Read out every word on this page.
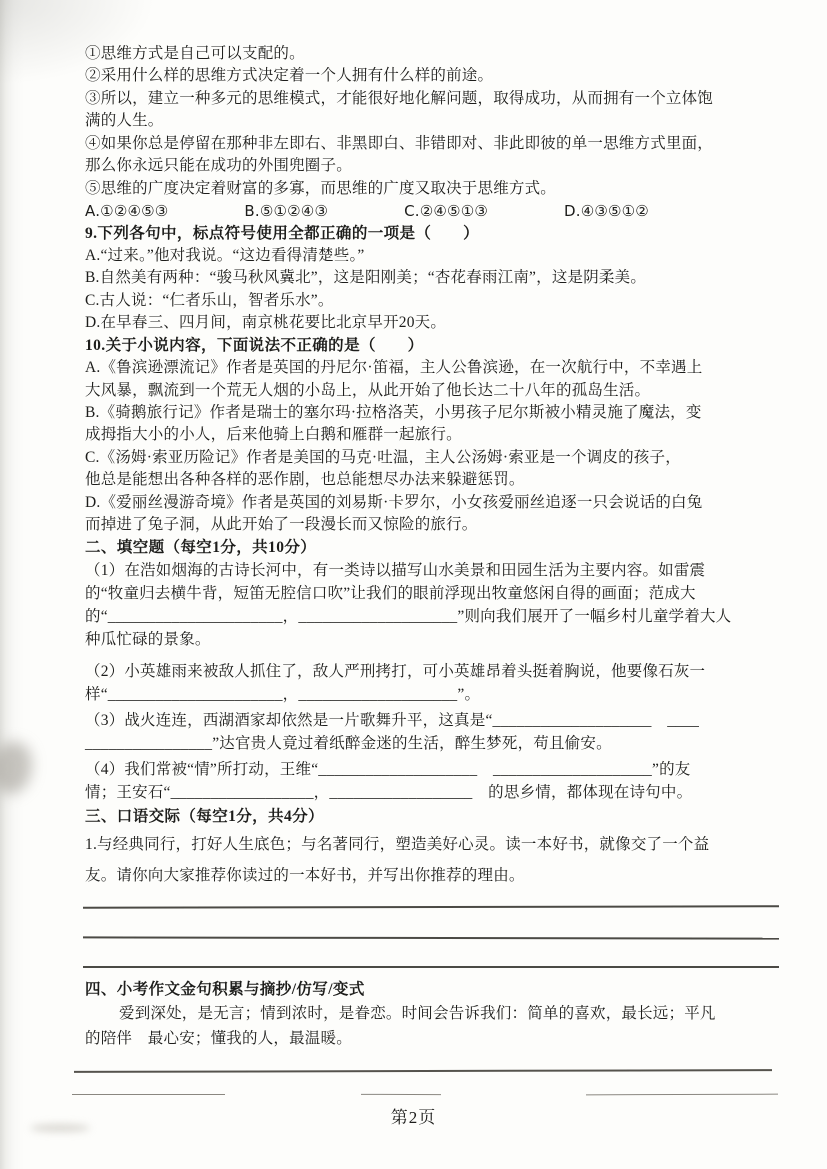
①思维方式是自己可以支配的。
②采用什么样的思维方式决定着一个人拥有什么样的前途。
③所以，建立一种多元的思维模式，才能很好地化解问题，取得成功，从而拥有一个立体饱
满的人生。
④如果你总是停留在那种非左即右、非黑即白、非错即对、非此即彼的单一思维方式里面，
那么你永远只能在成功的外围兜圈子。
⑤思维的广度决定着财富的多寡，而思维的广度又取决于思维方式。
A.①②④⑤③	B.⑤①②④③	C.②④⑤①③	D.④③⑤①②
9.下列各句中，标点符号使用全都正确的一项是（　　）
A.“过来。”他对我说。“这边看得清楚些。”
B.自然美有两种：“骏马秋风冀北”，这是阳刚美；“杏花春雨江南”，这是阴柔美。
C.古人说：“仁者乐山，智者乐水”。
D.在早春三、四月间，南京桃花要比北京早开20天。
10.关于小说内容，下面说法不正确的是（　　）
A.《鲁滨逊漂流记》作者是英国的丹尼尔·笛福，主人公鲁滨逊，在一次航行中，不幸遇上
大风暴，飘流到一个荒无人烟的小岛上，从此开始了他长达二十八年的孤岛生活。
B.《骑鹅旅行记》作者是瑞士的塞尔玛·拉格洛芙，小男孩子尼尔斯被小精灵施了魔法，变
成拇指大小的小人，后来他骑上白鹅和雁群一起旅行。
C.《汤姆·索亚历险记》作者是美国的马克·吐温，主人公汤姆·索亚是一个调皮的孩子，
他总是能想出各种各样的恶作剧，也总能想尽办法来躲避惩罚。
D.《爱丽丝漫游奇境》作者是英国的刘易斯·卡罗尔，小女孩爱丽丝追逐一只会说话的白兔
而掉进了兔子洞，从此开始了一段漫长而又惊险的旅行。
二、填空题（每空1分，共10分）
（1）在浩如烟海的古诗长河中，有一类诗以描写山水美景和田园生活为主要内容。如雷震
的“牧童归去横牛背，短笛无腔信口吹”让我们的眼前浮现出牧童悠闲自得的画面；范成大
的“______________________，____________________”则向我们展开了一幅乡村儿童学着大人
种瓜忙碌的景象。
（2）小英雄雨来被敌人抓住了，敌人严刑拷打，可小英雄昂着头挺着胸说，他要像石灰一
样“______________________，____________________”。
（3）战火连连，西湖酒家却依然是一片歌舞升平，这真是“____________________　____
________________”达官贵人竟过着纸醉金迷的生活，醉生梦死，苟且偷安。
（4）我们常被“情”所打动，王维“____________________　____________________”的友
情；王安石“__________________，__________________　的思乡情，都体现在诗句中。
三、口语交际（每空1分，共4分）
1.与经典同行，打好人生底色；与名著同行，塑造美好心灵。读一本好书，就像交了一个益
友。请你向大家推荐你读过的一本好书，并写出你推荐的理由。
四、小考作文金句积累与摘抄/仿写/变式
爱到深处，是无言；情到浓时，是眷恋。时间会告诉我们：简单的喜欢，最长远；平凡
的陪伴　最心安；懂我的人，最温暖。
第2页
